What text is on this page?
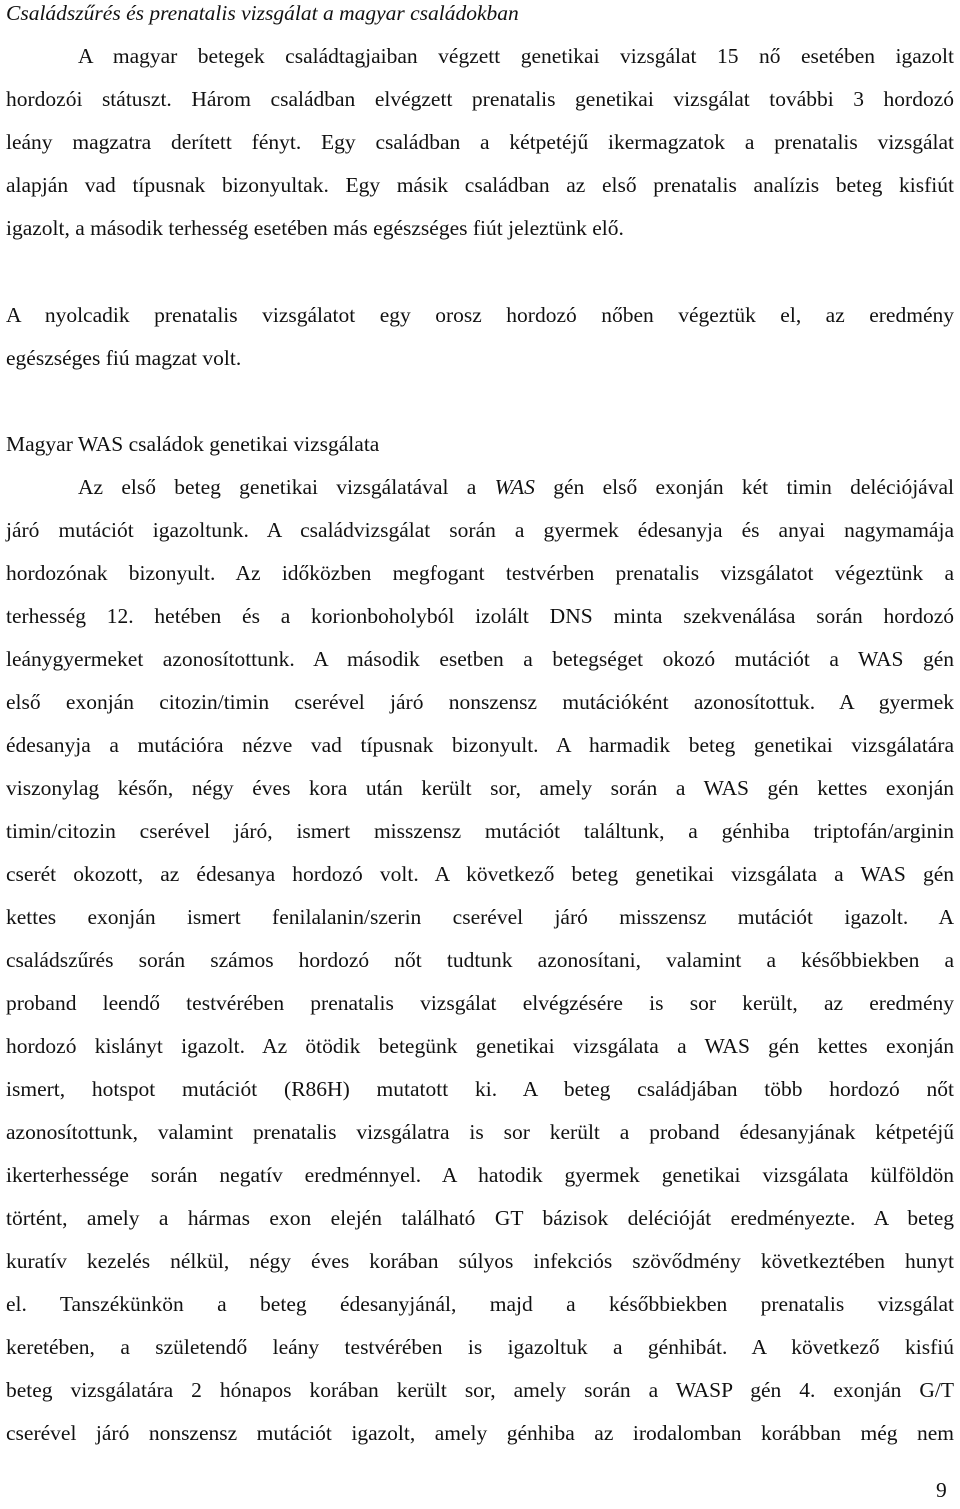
Családszűrés és prenatalis vizsgálat a magyar családokban
A magyar betegek családtagjaiban végzett genetikai vizsgálat 15 nő esetében igazolt
hordozói státuszt. Három családban elvégzett prenatalis genetikai vizsgálat további 3 hordozó
leány magzatra derített fényt. Egy családban a kétpetéjű ikermagzatok a prenatalis vizsgálat
alapján vad típusnak bizonyultak. Egy másik családban az első prenatalis analízis beteg kisfiút
igazolt, a második terhesség esetében más egészséges fiút jeleztünk elő.
A nyolcadik prenatalis vizsgálatot egy orosz hordozó nőben végeztük el, az eredmény
egészséges fiú magzat volt.
Magyar WAS családok genetikai vizsgálata
Az első beteg genetikai vizsgálatával a WAS gén első exonján két timin deléciójával
járó mutációt igazoltunk. A családvizsgálat során a gyermek édesanyja és anyai nagymamája
hordozónak bizonyult. Az időközben megfogant testvérben prenatalis vizsgálatot végeztünk a
terhesség 12. hetében és a korionboholyból izolált DNS minta szekvenálása során hordozó
leánygyermeket azonosítottunk. A második esetben a betegséget okozó mutációt a WAS gén
első exonján citozin/timin cserével járó nonszensz mutációként azonosítottuk. A gyermek
édesanyja a mutációra nézve vad típusnak bizonyult. A harmadik beteg genetikai vizsgálatára
viszonylag későn, négy éves kora után került sor, amely során a WAS gén kettes exonján
timin/citozin cserével járó, ismert misszensz mutációt találtunk, a génhiba triptofán/arginin
cserét okozott, az édesanya hordozó volt. A következő beteg genetikai vizsgálata a WAS gén
kettes exonján ismert fenilalanin/szerin cserével járó misszensz mutációt igazolt. A
családszűrés során számos hordozó nőt tudtunk azonosítani, valamint a későbbiekben a
proband leendő testvérében prenatalis vizsgálat elvégzésére is sor került, az eredmény
hordozó kislányt igazolt. Az ötödik betegünk genetikai vizsgálata a WAS gén kettes exonján
ismert, hotspot mutációt (R86H) mutatott ki. A beteg családjában több hordozó nőt
azonosítottunk, valamint prenatalis vizsgálatra is sor került a proband édesanyjának kétpetéjű
ikerterhessége során negatív eredménnyel. A hatodik gyermek genetikai vizsgálata külföldön
történt, amely a hármas exon elején található GT bázisok delécióját eredményezte. A beteg
kuratív kezelés nélkül, négy éves korában súlyos infekciós szövődmény következtében hunyt
el. Tanszékünkön a beteg édesanyjánál, majd a későbbiekben prenatalis vizsgálat
keretében, a születendő leány testvérében is igazoltuk a génhibát. A következő kisfiú
beteg vizsgálatára 2 hónapos korában került sor, amely során a WASP gén 4. exonján G/T
cserével járó nonszensz mutációt igazolt, amely génhiba az irodalomban korábban még nem
9
